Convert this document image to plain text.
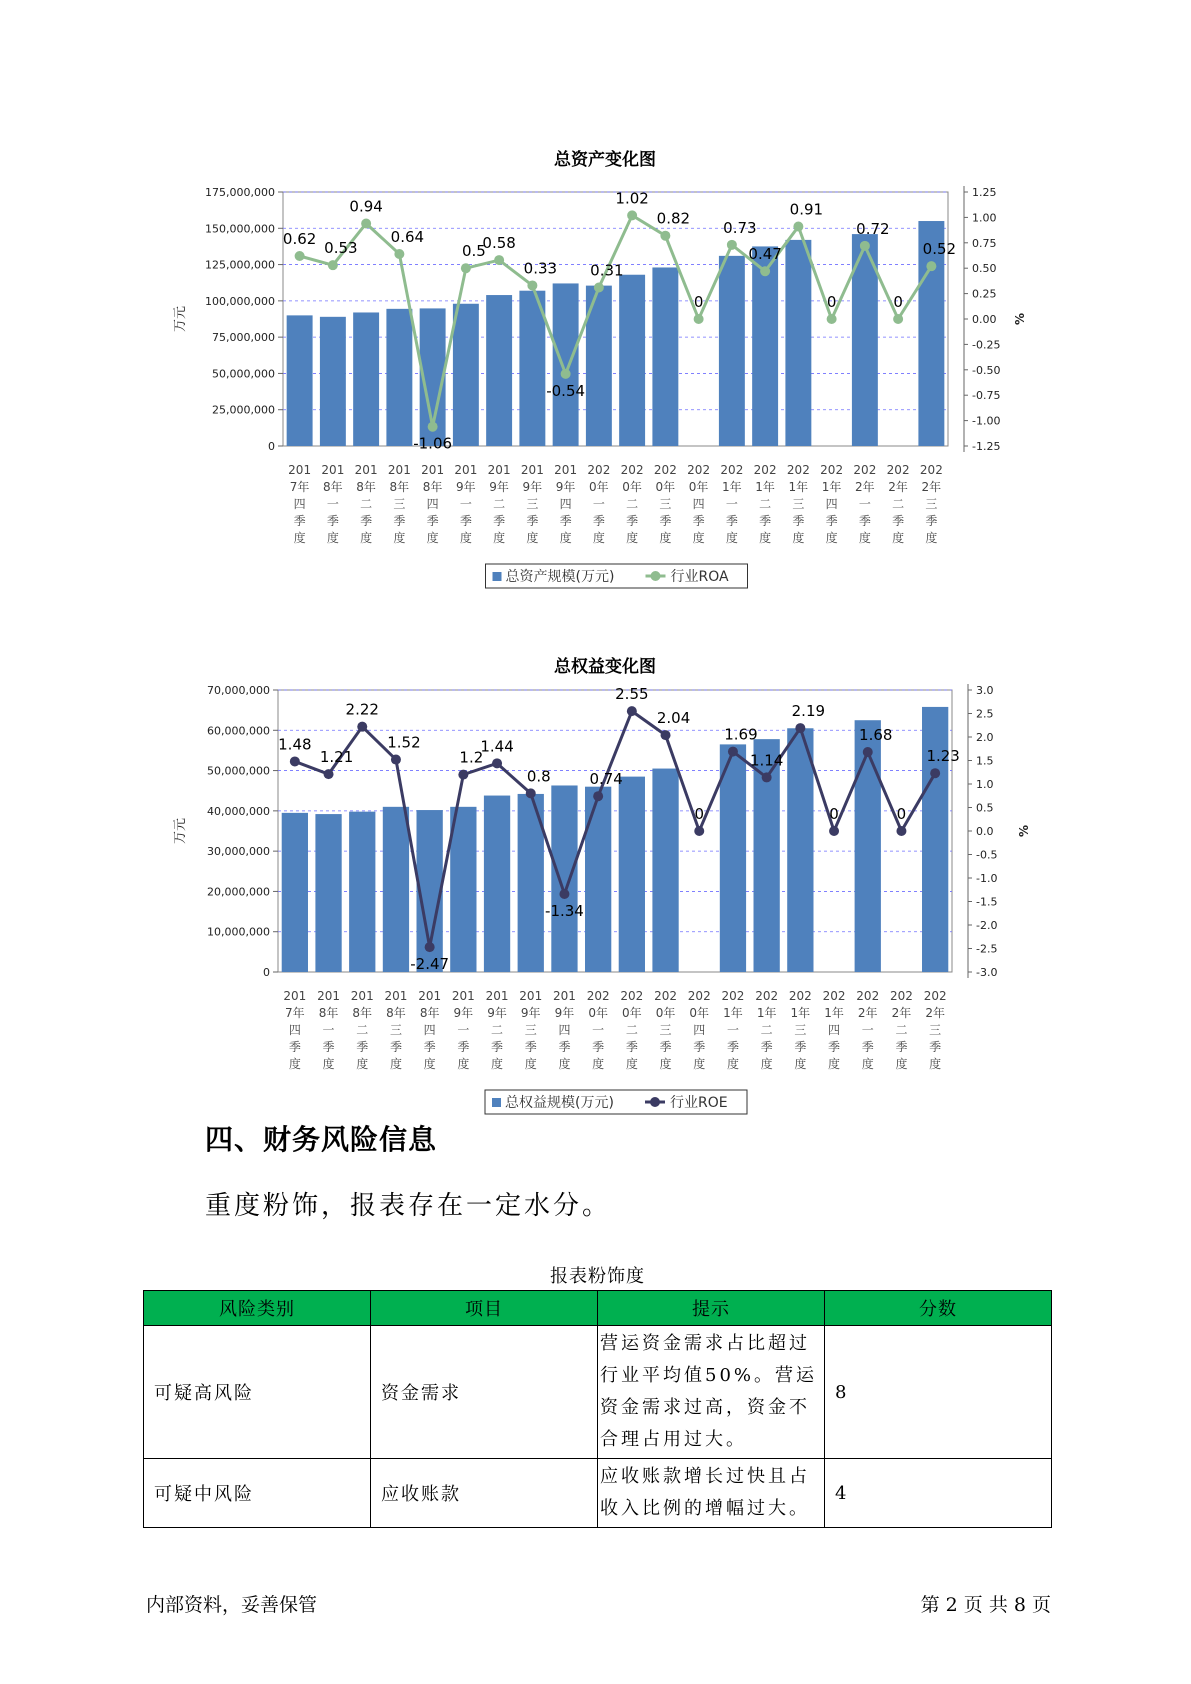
总资产变化图
0
25,000,000
50,000,000
75,000,000
100,000,000
125,000,000
150,000,000
175,000,000
-1.25
-1.00
-0.75
-0.50
-0.25
0.00
0.25
0.50
0.75
1.00
1.25
万元	%
0.62
0.53
0.94
0.64
-1.06
0.5
0.58
0.33
-0.54
0.31
1.02
0.82
0
0.73
0.47
0.91
0
0.72
0
0.52
201 7年四季度
201 8年一季度
201 8年二季度
201 8年三季度
201 8年四季度
201 9年一季度
201 9年二季度
201 9年三季度
201 9年四季度
202 0年一季度
202 0年二季度
202 0年三季度
202 0年四季度
202 1年一季度
202 1年二季度
202 1年三季度
202 1年四季度
202 2年一季度
202 2年二季度
202 2年三季度
总资产规模(万元)	行业ROA
总权益变化图
0
10,000,000
20,000,000
30,000,000
40,000,000
50,000,000
60,000,000
70,000,000
-3.0
-2.5
-2.0
-1.5
-1.0
-0.5
0.0
0.5
1.0
1.5
2.0
2.5
3.0
万元	%
1.48
1.21
2.22
1.52
-2.47
1.2
1.44
0.8
-1.34
0.74
2.55
2.04
0
1.69
1.14
2.19
0
1.68
0
1.23
201 7年四季度
201 8年一季度
201 8年二季度
201 8年三季度
201 8年四季度
201 9年一季度
201 9年二季度
201 9年三季度
201 9年四季度
202 0年一季度
202 0年二季度
202 0年三季度
202 0年四季度
202 1年一季度
202 1年二季度
202 1年三季度
202 1年四季度
202 2年一季度
202 2年二季度
202 2年三季度
总权益规模(万元)	行业ROE
四、财务风险信息
重度粉饰，报表存在一定水分。
报表粉饰度
风险类别	项目	提示	分数
可疑高风险	资金需求	营运资金需求占比超过行业平均值50%。营运资金需求过高，资金不合理占用过大。	8
可疑中风险	应收账款	应收账款增长过快且占收入比例的增幅过大。	4
内部资料，妥善保管	第 2 页 共 8 页
